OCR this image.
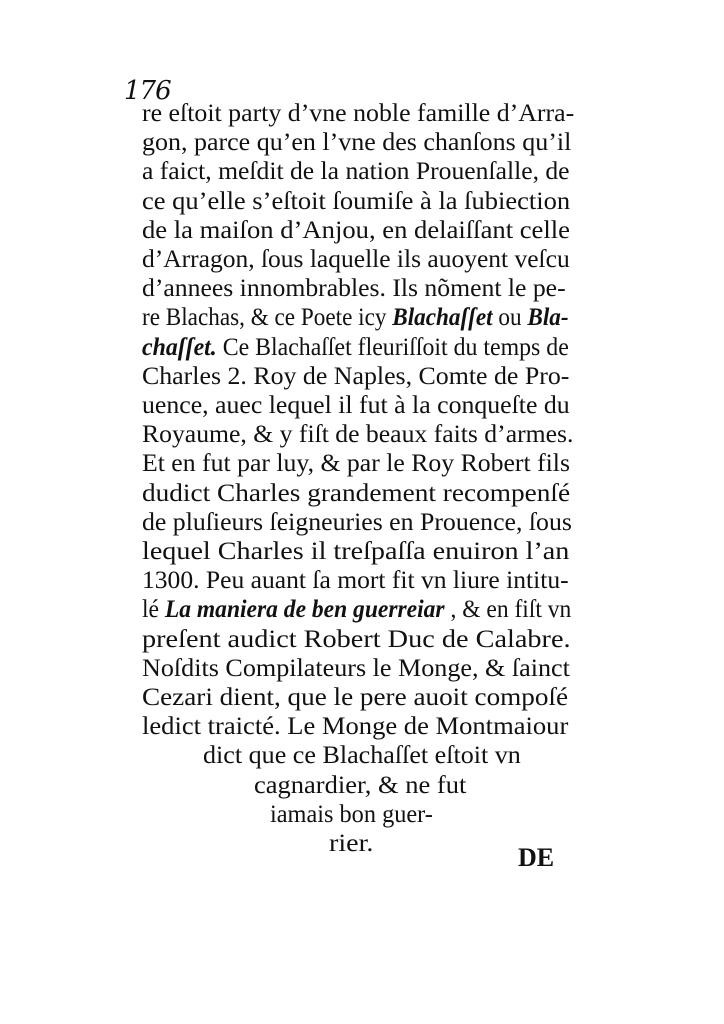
176
re eſtoit party d’vne noble famille d’Arra-
gon, parce qu’en l’vne des chanſons qu’il
a faict, meſdit de la nation Prouenſalle, de
ce qu’elle s’eſtoit ſoumiſe à la ſubiection
de la maiſon d’Anjou, en delaiſſant celle
d’Arragon, ſous laquelle ils auoyent veſcu
d’annees innombrables. Ils nõment le pe-
re Blachas, & ce Poete icy Blachaſſet ou Bla-
chaſſet. Ce Blachaſſet fleuriſſoit du temps de
Charles 2. Roy de Naples, Comte de Pro-
uence, auec lequel il fut à la conqueſte du
Royaume, & y fiſt de beaux faits d’armes.
Et en fut par luy, & par le Roy Robert fils
dudict Charles grandement recompenſé
de pluſieurs ſeigneuries en Prouence, ſous
lequel Charles il treſpaſſa enuiron l’an
1300. Peu auant ſa mort fit vn liure intitu-
lé La maniera de ben guerreiar , & en fiſt vn
preſent audict Robert Duc de Calabre.
Noſdits Compilateurs le Monge, & ſainct
Cezari dient, que le pere auoit compoſé
ledict traicté. Le Monge de Montmaiour
dict que ce Blachaſſet eſtoit vn
cagnardier, & ne fut
iamais bon guer-
rier.
DE
